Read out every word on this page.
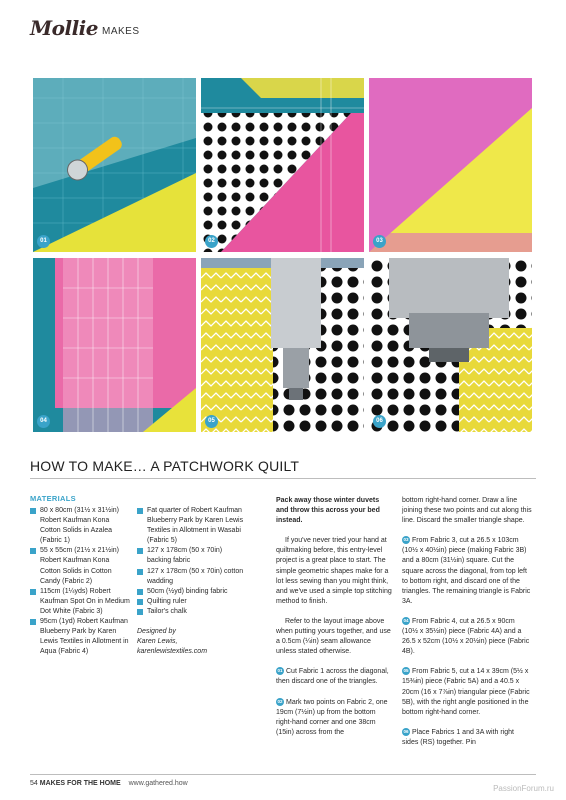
Mollie MAKES
01	02	03
04	05	06
HOW TO MAKE… A PATCHWORK QUILT
MATERIALS

80 x 80cm (31½ x 31½in) Robert Kaufman Kona Cotton Solids in Azalea (Fabric 1)

55 x 55cm (21½ x 21½in) Robert Kaufman Kona Cotton Solids in Cotton Candy (Fabric 2)

115cm (1¼yds) Robert Kaufman Spot On in Medium Dot White (Fabric 3)

95cm (1yd) Robert Kaufman Blueberry Park by Karen Lewis Textiles in Allotment in Aqua (Fabric 4)

Fat quarter of Robert Kaufman Blueberry Park by Karen Lewis Textiles in Allotment in Wasabi (Fabric 5)

127 x 178cm (50 x 70in) backing fabric

127 x 178cm (50 x 70in) cotton wadding

50cm (½yd) binding fabric

Quilting ruler

Tailor's chalk

Designed by
Karen Lewis,
karenlewistextiles.com

Pack away those winter duvets and throw this across your bed instead.

If you've never tried your hand at quiltmaking before, this entry-level project is a great place to start. The simple geometric shapes make for a lot less sewing than you might think, and we've used a simple top stitching method to finish.

Refer to the layout image above when putting yours together, and use a 0.5cm (¼in) seam allowance unless stated otherwise.

01 Cut Fabric 1 across the diagonal, then discard one of the triangles.

02 Mark two points on Fabric 2, one 19cm (7½in) up from the bottom right-hand corner and one 38cm (15in) across from the

bottom right-hand corner. Draw a line joining these two points and cut along this line. Discard the smaller triangle shape.

03 From Fabric 3, cut a 26.5 x 103cm (10½ x 40½in) piece (making Fabric 3B) and a 80cm (31½in) square. Cut the square across the diagonal, from top left to bottom right, and discard one of the triangles. The remaining triangle is Fabric 3A.

04 From Fabric 4, cut a 26.5 x 90cm (10½ x 35½in) piece (Fabric 4A) and a 26.5 x 52cm (10½ x 20½in) piece (Fabric 4B).

05 From Fabric 5, cut a 14 x 39cm (5½ x 15⅜in) piece (Fabric 5A) and a 40.5 x 20cm (16 x 7⅞in) triangular piece (Fabric 5B), with the right angle positioned in the bottom right-hand corner.

06 Place Fabrics 1 and 3A with right sides (RS) together. Pin

54 MAKES FOR THE HOME www.gathered.how
PassionForum.ru
